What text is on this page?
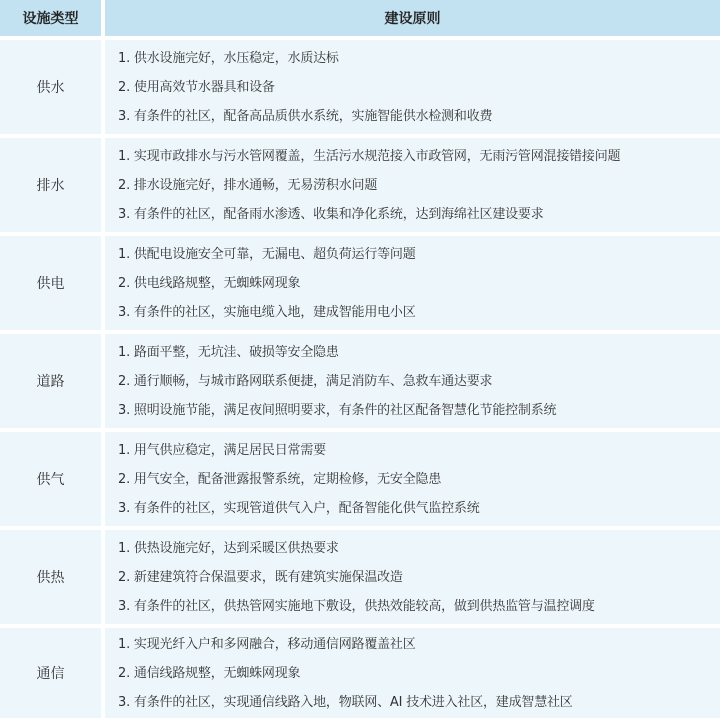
设施类型	建设原则
供水
1. 供水设施完好，水压稳定，水质达标
2. 使用高效节水器具和设备
3. 有条件的社区，配备高品质供水系统，实施智能供水检测和收费
排水
1. 实现市政排水与污水管网覆盖，生活污水规范接入市政管网，无雨污管网混接错接问题
2. 排水设施完好，排水通畅，无易涝积水问题
3. 有条件的社区，配备雨水渗透、收集和净化系统，达到海绵社区建设要求
供电
1. 供配电设施安全可靠，无漏电、超负荷运行等问题
2. 供电线路规整，无蜘蛛网现象
3. 有条件的社区，实施电缆入地，建成智能用电小区
道路
1. 路面平整，无坑洼、破损等安全隐患
2. 通行顺畅，与城市路网联系便捷，满足消防车、急救车通达要求
3. 照明设施节能，满足夜间照明要求，有条件的社区配备智慧化节能控制系统
供气
1. 用气供应稳定，满足居民日常需要
2. 用气安全，配备泄露报警系统，定期检修，无安全隐患
3. 有条件的社区，实现管道供气入户，配备智能化供气监控系统
供热
1. 供热设施完好，达到采暖区供热要求
2. 新建建筑符合保温要求，既有建筑实施保温改造
3. 有条件的社区，供热管网实施地下敷设，供热效能较高，做到供热监管与温控调度
通信
1. 实现光纤入户和多网融合，移动通信网路覆盖社区
2. 通信线路规整，无蜘蛛网现象
3. 有条件的社区，实现通信线路入地，物联网、AI 技术进入社区，建成智慧社区
